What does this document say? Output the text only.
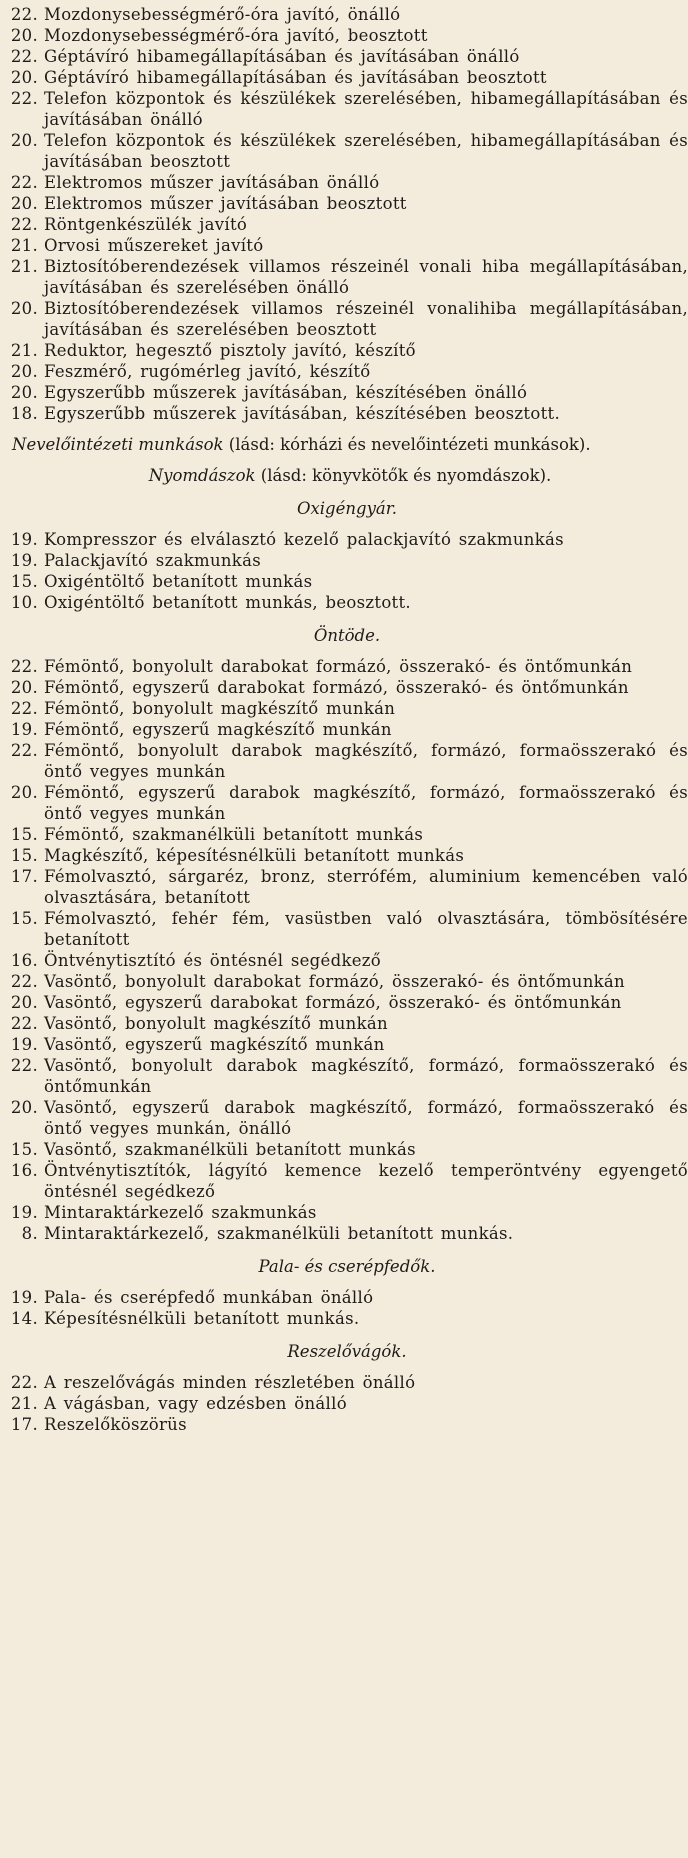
22. Mozdonysebességmérő-óra javító, önálló
20. Mozdonysebességmérő-óra javító, beosztott
22. Géptávíró hibamegállapításában és javításában önálló
20. Géptávíró hibamegállapításában és javításában beosztott
22. Telefon központok és készülékek szerelésében, hibamegállapításában és javításában önálló
20. Telefon központok és készülékek szerelésében, hibamegállapításában és javításában beosztott
22. Elektromos műszer javításában önálló
20. Elektromos műszer javításában beosztott
22. Röntgenkészülék javító
21. Orvosi műszereket javító
21. Biztosítóberendezések villamos részeinél vonali hiba megállapításában, javításában és szerelésében önálló
20. Biztosítóberendezések villamos részeinél vonalihiba megállapításában, javításában és szerelésében beosztott
21. Reduktor, hegesztő pisztoly javító, készítő
20. Feszmérő, rugómérleg javító, készítő
20. Egyszerűbb műszerek javításában, készítésében önálló
18. Egyszerűbb műszerek javításában, készítésében beosztott.
Nevelőintézeti munkások (lásd: kórházi és nevelőintézeti munkások).
Nyomdászok (lásd: könyvkötők és nyomdászok).
Oxigéngyár.
19. Kompresszor és elválasztó kezelő palackjavító szakmunkás
19. Palackjavító szakmunkás
15. Oxigéntöltő betanított munkás
10. Oxigéntöltő betanított munkás, beosztott.
Öntöde.
22. Fémöntő, bonyolult darabokat formázó, összerakó- és öntőmunkán
20. Fémöntő, egyszerű darabokat formázó, összerakó- és öntőmunkán
22. Fémöntő, bonyolult magkészítő munkán
19. Fémöntő, egyszerű magkészítő munkán
22. Fémöntő, bonyolult darabok magkészítő, formázó, formaösszerakó és öntő vegyes munkán
20. Fémöntő, egyszerű darabok magkészítő, formázó, formaösszerakó és öntő vegyes munkán
15. Fémöntő, szakmanélküli betanított munkás
15. Magkészítő, képesítésnélküli betanított munkás
17. Fémolvasztó, sárgaréz, bronz, sterrófém, aluminium kemencében való olvasztására, betanított
15. Fémolvasztó, fehér fém, vasüstben való olvasztására, tömbösítésére betanított
16. Öntvénytisztító és öntésnél segédkező
22. Vasöntő, bonyolult darabokat formázó, összerakó- és öntőmunkán
20. Vasöntő, egyszerű darabokat formázó, összerakó- és öntőmunkán
22. Vasöntő, bonyolult magkészítő munkán
19. Vasöntő, egyszerű magkészítő munkán
22. Vasöntő, bonyolult darabok magkészítő, formázó, formaösszerakó és öntőmunkán
20. Vasöntő, egyszerű darabok magkészítő, formázó, formaösszerakó és öntő vegyes munkán, önálló
15. Vasöntő, szakmanélküli betanított munkás
16. Öntvénytisztítók, lágyító kemence kezelő temperöntvény egyengető öntésnél segédkező
19. Mintaraktárkezelő szakmunkás
8. Mintaraktárkezelő, szakmanélküli betanított munkás.
Pala- és cserépfedők.
19. Pala- és cserépfedő munkában önálló
14. Képesítésnélküli betanított munkás.
Reszelővágók.
22. A reszelővágás minden részletében önálló
21. A vágásban, vagy edzésben önálló
17. Reszelőköszörüs
